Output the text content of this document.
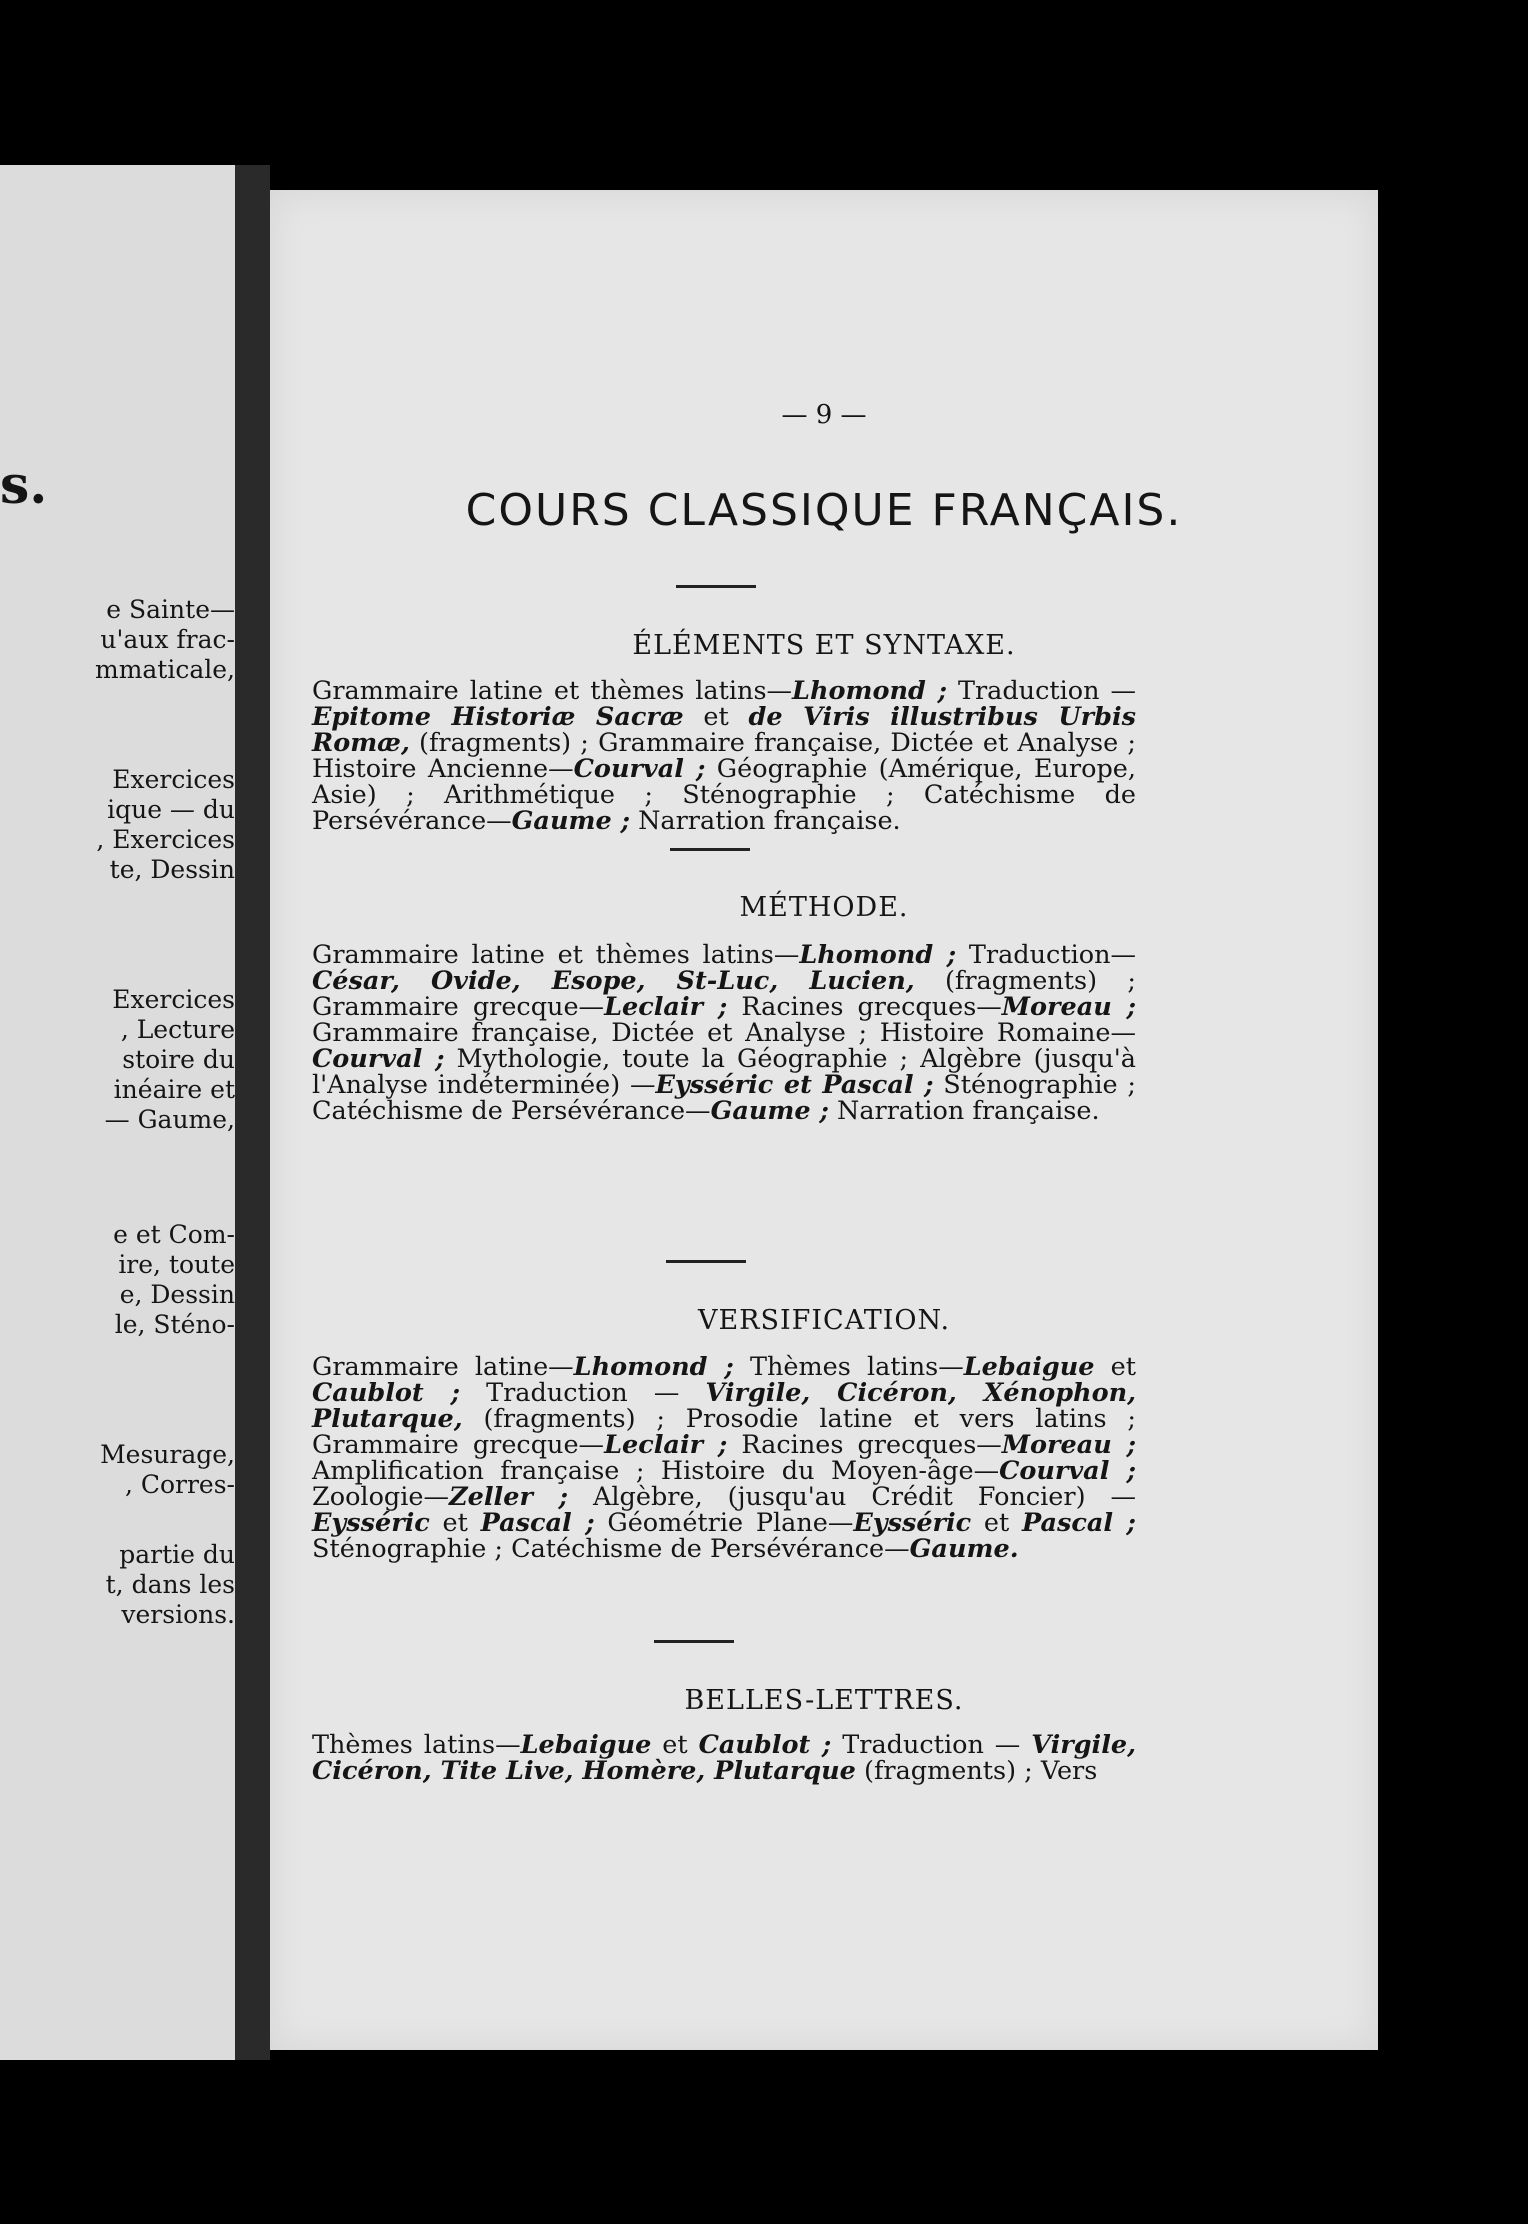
s.
e Sainte—
u'aux frac-
mmaticale,
Exercices
ique — du
, Exercices
te, Dessin
Exercices
, Lecture
stoire du
inéaire et
— Gaume,
e et Com-
ire, toute
e, Dessin
le, Sténo-
Mesurage,
, Corres-
partie du
t, dans les
versions.
— 9 —
COURS CLASSIQUE FRANÇAIS.
ÉLÉMENTS ET SYNTAXE.
Grammaire latine et thèmes latins—Lhomond ; Traduction —Epitome Historiæ Sacræ et de Viris illustribus Urbis Romæ, (fragments) ; Grammaire française, Dictée et Analyse ; Histoire Ancienne—Courval ; Géographie (Amérique, Europe, Asie) ; Arithmétique ; Sténographie ; Catéchisme de Persévérance—Gaume ; Narration française.
MÉTHODE.
Grammaire latine et thèmes latins—Lhomond ; Traduction—César, Ovide, Esope, St-Luc, Lucien, (fragments) ; Grammaire grecque—Leclair ; Racines grecques—Moreau ; Grammaire française, Dictée et Analyse ; Histoire Romaine—Courval ; Mythologie, toute la Géographie ; Algèbre (jusqu'à l'Analyse indéterminée) —Eysséric et Pascal ; Sténographie ; Catéchisme de Persévérance—Gaume ; Narration française.
VERSIFICATION.
Grammaire latine—Lhomond ; Thèmes latins—Lebaigue et Caublot ; Traduction — Virgile, Cicéron, Xénophon, Plutarque, (fragments) ; Prosodie latine et vers latins ; Grammaire grecque—Leclair ; Racines grecques—Moreau ; Amplification française ; Histoire du Moyen-âge—Courval ; Zoologie—Zeller ; Algèbre, (jusqu'au Crédit Foncier) —Eysséric et Pascal ; Géométrie Plane—Eysséric et Pascal ; Sténographie ; Catéchisme de Persévérance—Gaume.
BELLES-LETTRES.
Thèmes latins—Lebaigue et Caublot ; Traduction — Virgile, Cicéron, Tite Live, Homère, Plutarque (fragments) ; Vers
